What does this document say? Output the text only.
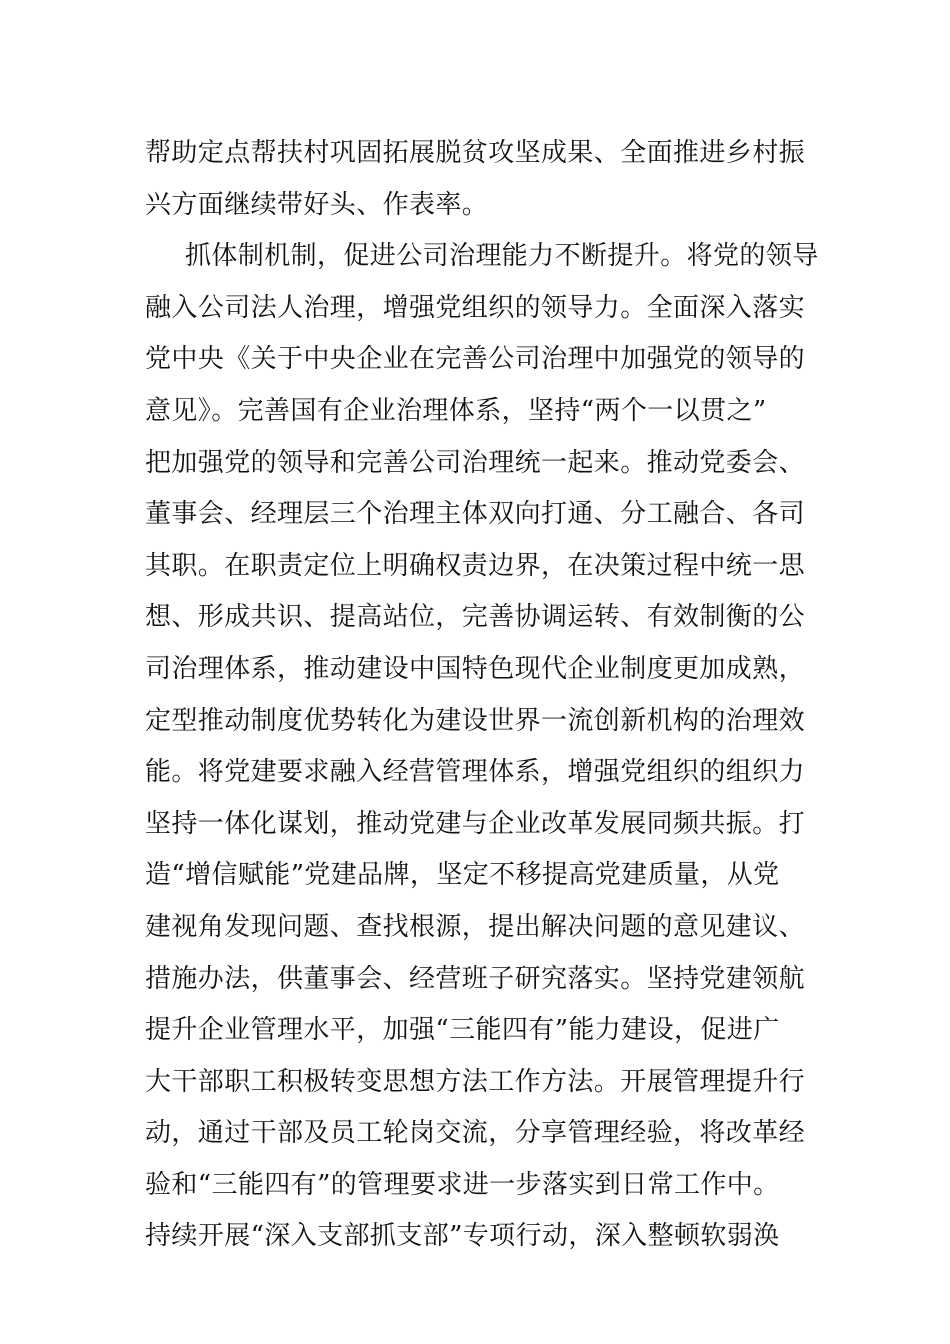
帮助定点帮扶村巩固拓展脱贫攻坚成果、全面推进乡村振
兴方面继续带好头、作表率。
抓体制机制，促进公司治理能力不断提升。将党的领导
融入公司法人治理，增强党组织的领导力。全面深入落实
党中央《关于中央企业在完善公司治理中加强党的领导的
意见》。完善国有企业治理体系，坚持“两个一以贯之”
把加强党的领导和完善公司治理统一起来。推动党委会、
董事会、经理层三个治理主体双向打通、分工融合、各司
其职。在职责定位上明确权责边界，在决策过程中统一思
想、形成共识、提高站位，完善协调运转、有效制衡的公
司治理体系，推动建设中国特色现代企业制度更加成熟，
定型推动制度优势转化为建设世界一流创新机构的治理效
能。将党建要求融入经营管理体系，增强党组织的组织力
坚持一体化谋划，推动党建与企业改革发展同频共振。打
造“增信赋能”党建品牌，坚定不移提高党建质量，从党
建视角发现问题、查找根源，提出解决问题的意见建议、
措施办法，供董事会、经营班子研究落实。坚持党建领航
提升企业管理水平，加强“三能四有”能力建设，促进广
大干部职工积极转变思想方法工作方法。开展管理提升行
动，通过干部及员工轮岗交流，分享管理经验，将改革经
验和“三能四有”的管理要求进一步落实到日常工作中。
持续开展“深入支部抓支部”专项行动，深入整顿软弱涣
